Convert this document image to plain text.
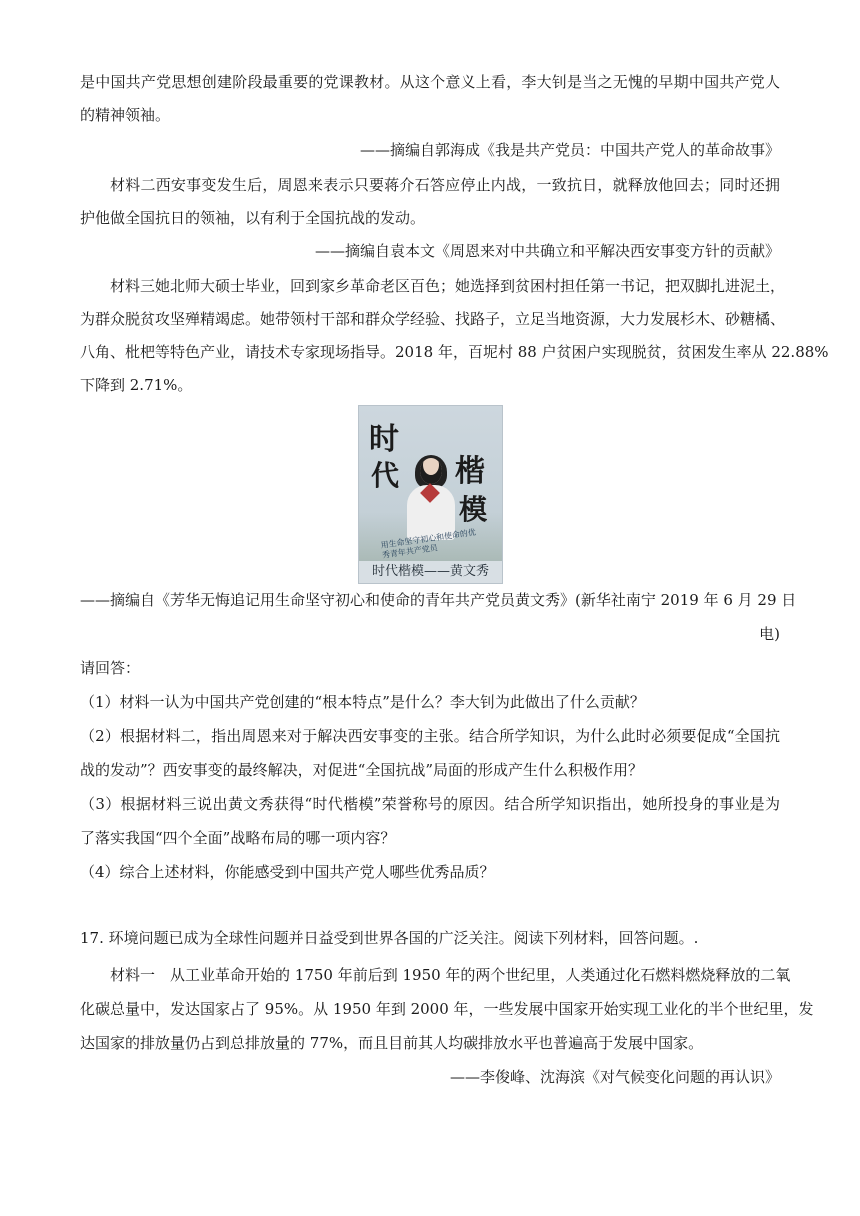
是中国共产党思想创建阶段最重要的党课教材。从这个意义上看，李大钊是当之无愧的早期中国共产党人
的精神领袖。
——摘编自郭海成《我是共产党员：中国共产党人的革命故事》
材料二西安事变发生后，周恩来表示只要蒋介石答应停止内战，一致抗日，就释放他回去；同时还拥
护他做全国抗日的领袖，以有利于全国抗战的发动。
——摘编自袁本文《周恩来对中共确立和平解决西安事变方针的贡献》
材料三她北师大硕士毕业，回到家乡革命老区百色；她选择到贫困村担任第一书记，把双脚扎进泥土，
为群众脱贫攻坚殚精竭虑。她带领村干部和群众学经验、找路子，立足当地资源，大力发展杉木、砂糖橘、
八角、枇杷等特色产业，请技术专家现场指导。2018 年，百坭村 88 户贫困户实现脱贫，贫困发生率从 22.88%
下降到 2.71%。
时
代 楷
模
用生命坚守初心和使命的优秀青年共产党员
时代楷模——黄文秀
——摘编自《芳华无悔追记用生命坚守初心和使命的青年共产党员黄文秀》(新华社南宁 2019 年 6 月 29 日
电)
请回答：
（1）材料一认为中国共产党创建的“根本特点”是什么？李大钊为此做出了什么贡献？
（2）根据材料二，指出周恩来对于解决西安事变的主张。结合所学知识，为什么此时必须要促成“全国抗
战的发动”？西安事变的最终解决，对促进“全国抗战”局面的形成产生什么积极作用？
（3）根据材料三说出黄文秀获得“时代楷模”荣誉称号的原因。结合所学知识指出，她所投身的事业是为
了落实我国“四个全面”战略布局的哪一项内容？
（4）综合上述材料，你能感受到中国共产党人哪些优秀品质？
17. 环境问题已成为全球性问题并日益受到世界各国的广泛关注。阅读下列材料，回答问题。.
材料一　从工业革命开始的 1750 年前后到 1950 年的两个世纪里，人类通过化石燃料燃烧释放的二氧
化碳总量中，发达国家占了 95%。从 1950 年到 2000 年，一些发展中国家开始实现工业化的半个世纪里，发
达国家的排放量仍占到总排放量的 77%，而且目前其人均碳排放水平也普遍高于发展中国家。
——李俊峰、沈海滨《对气候变化问题的再认识》
